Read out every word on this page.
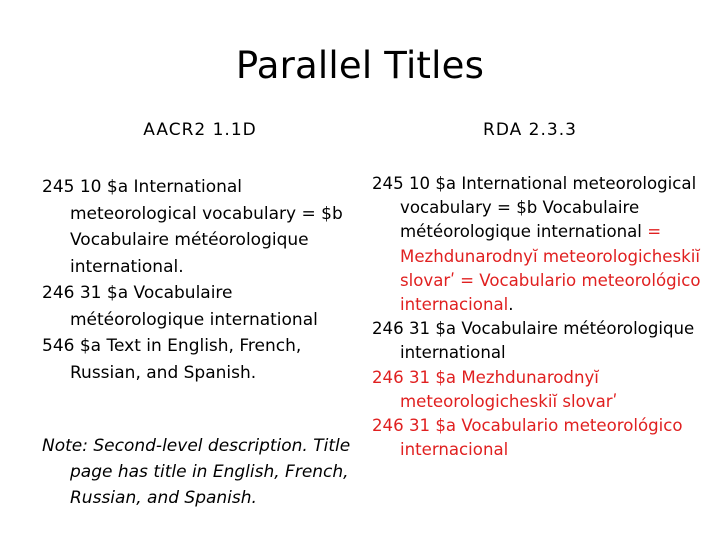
Parallel Titles
AACR2 1.1D	RDA 2.3.3
245 10 $a International meteorological vocabulary = $b Vocabulaire météorologique international.
246 31 $a Vocabulaire météorologique international
546 $a Text in English, French, Russian, and Spanish.
Note: Second-level description. Title page has title in English, French, Russian, and Spanish.
245 10 $a International meteorological vocabulary = $b Vocabulaire météorologique international = Mezhdunarodnyĭ meteorologicheskiĭ slovarʹ = Vocabulario meteorológico internacional.
246 31 $a Vocabulaire météorologique international
246 31 $a Mezhdunarodnyĭ meteorologicheskiĭ slovarʹ
246 31 $a Vocabulario meteorológico internacional
